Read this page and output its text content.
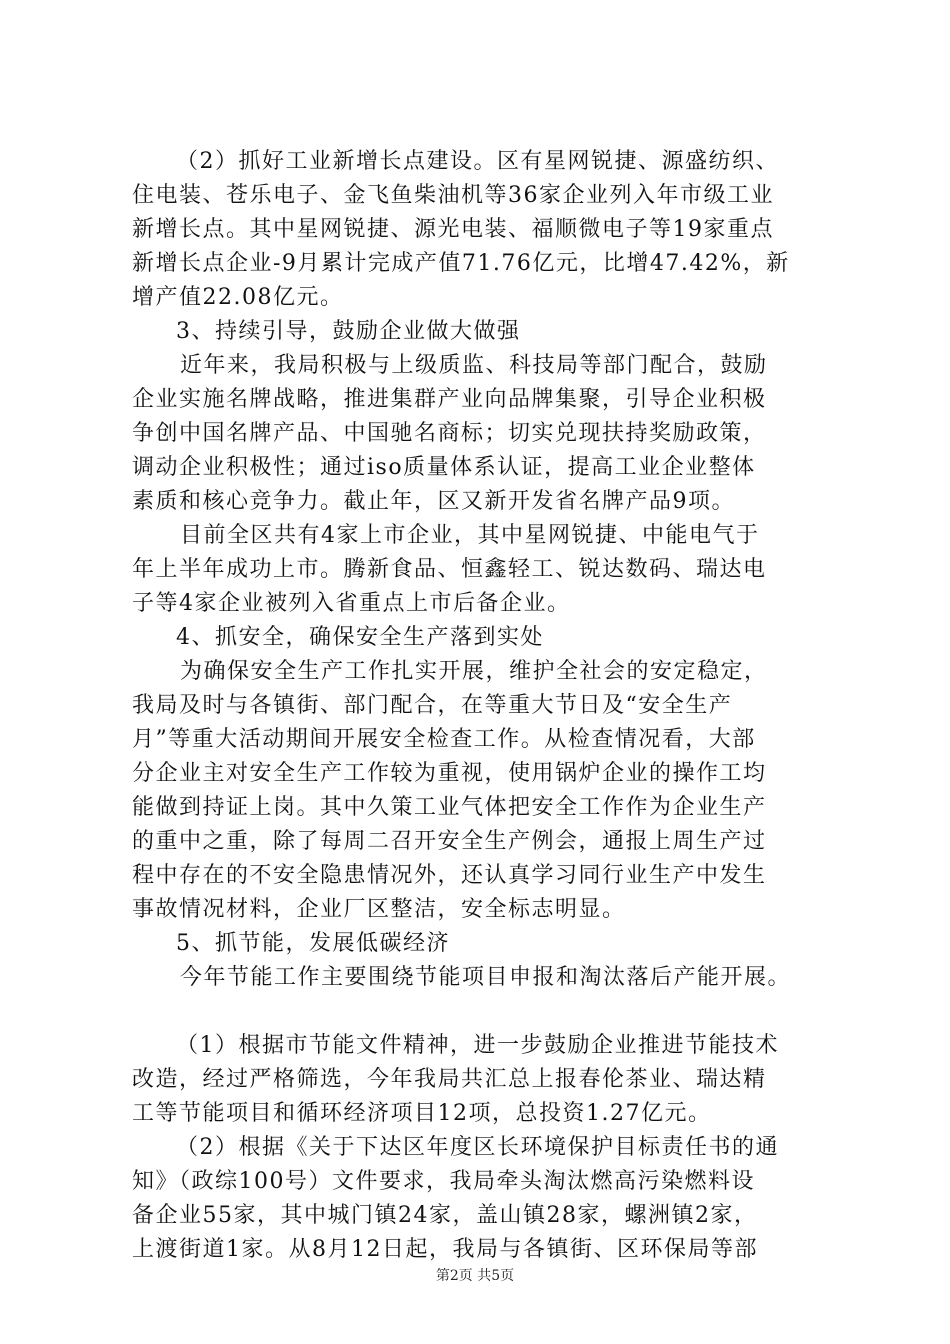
（2）抓好工业新增长点建设。区有星网锐捷、源盛纺织、
住电装、苍乐电子、金飞鱼柴油机等36家企业列入年市级工业
新增长点。其中星网锐捷、源光电装、福顺微电子等19家重点
新增长点企业-9月累计完成产值71.76亿元，比增47.42%，新
增产值22.08亿元。
3、持续引导，鼓励企业做大做强
近年来，我局积极与上级质监、科技局等部门配合，鼓励
企业实施名牌战略，推进集群产业向品牌集聚，引导企业积极
争创中国名牌产品、中国驰名商标；切实兑现扶持奖励政策，
调动企业积极性；通过iso质量体系认证，提高工业企业整体
素质和核心竞争力。截止年，区又新开发省名牌产品9项。
目前全区共有4家上市企业，其中星网锐捷、中能电气于
年上半年成功上市。腾新食品、恒鑫轻工、锐达数码、瑞达电
子等4家企业被列入省重点上市后备企业。
4、抓安全，确保安全生产落到实处
为确保安全生产工作扎实开展，维护全社会的安定稳定，
我局及时与各镇街、部门配合，在等重大节日及“安全生产
月”等重大活动期间开展安全检查工作。从检查情况看，大部
分企业主对安全生产工作较为重视，使用锅炉企业的操作工均
能做到持证上岗。其中久策工业气体把安全工作作为企业生产
的重中之重，除了每周二召开安全生产例会，通报上周生产过
程中存在的不安全隐患情况外，还认真学习同行业生产中发生
事故情况材料，企业厂区整洁，安全标志明显。
5、抓节能，发展低碳经济
今年节能工作主要围绕节能项目申报和淘汰落后产能开展。
（1）根据市节能文件精神，进一步鼓励企业推进节能技术
改造，经过严格筛选，今年我局共汇总上报春伦茶业、瑞达精
工等节能项目和循环经济项目12项，总投资1.27亿元。
（2）根据《关于下达区年度区长环境保护目标责任书的通
知》（政综100号）文件要求，我局牵头淘汰燃高污染燃料设
备企业55家，其中城门镇24家，盖山镇28家，螺洲镇2家，
上渡街道1家。从8月12日起，我局与各镇街、区环保局等部
第2页 共5页
